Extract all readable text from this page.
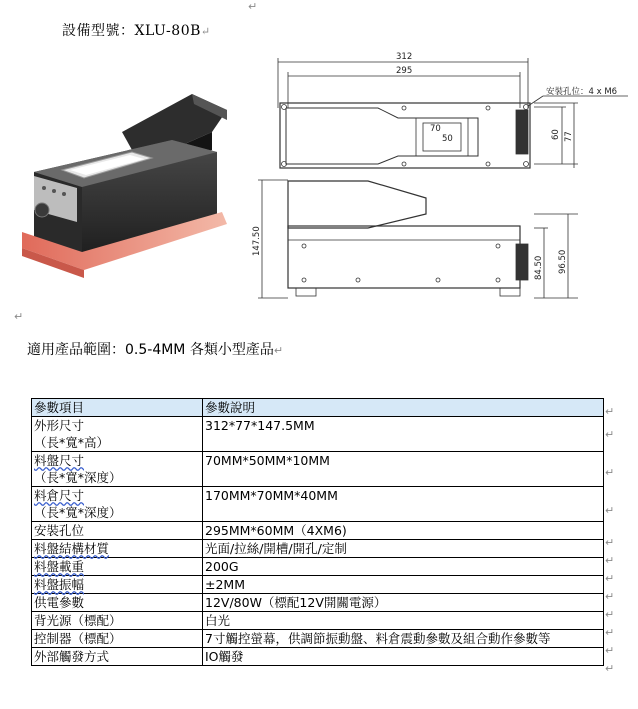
↵
設備型號：XLU-80B↵
312
295
安裝孔位：4 x M6
70
50	60 77
147.50
84.50 96.50
↵
適用產品範圍：0.5-4MM 各類小型產品↵
參數項目	參數說明
外形尺寸
（長*寬*高）	312*77*147.5MM
料盤尺寸
（長*寬*深度）	70MM*50MM*10MM
料倉尺寸
（長*寬*深度）	170MM*70MM*40MM
安裝孔位	295MM*60MM（4XM6)
料盤結構材質	光面/拉絲/開槽/開孔/定制
料盤載重	200G
料盤振幅	±2MM
供電參數	12V/80W（標配12V開關電源）
背光源（標配）	白光
控制器（標配）	7寸觸控螢幕，供調節振動盤、料倉震動參數及組合動作參數等
外部觸發方式	IO觸發
↵
↵
↵
↵
↵
↵
↵
↵
↵
↵
↵
↵
